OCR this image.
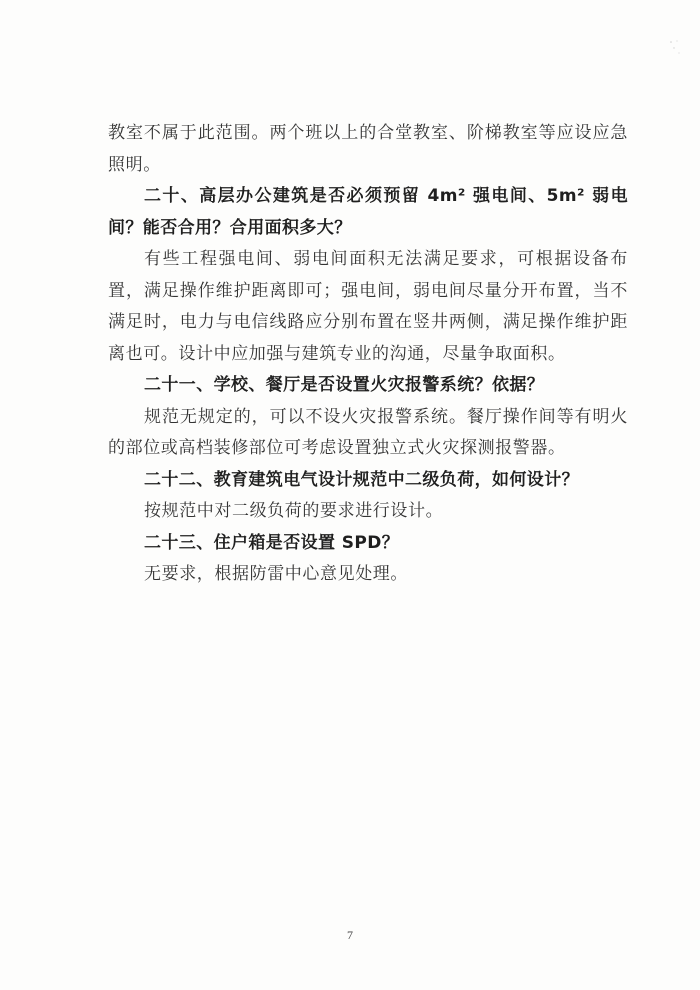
教室不属于此范围。两个班以上的合堂教室、阶梯教室等应设应急照明。

二十、高层办公建筑是否必须预留 4m² 强电间、5m² 弱电间？能否合用？合用面积多大？

有些工程强电间、弱电间面积无法满足要求，可根据设备布置，满足操作维护距离即可；强电间，弱电间尽量分开布置，当不满足时，电力与电信线路应分别布置在竖井两侧，满足操作维护距离也可。设计中应加强与建筑专业的沟通，尽量争取面积。

二十一、学校、餐厅是否设置火灾报警系统？依据？

规范无规定的，可以不设火灾报警系统。餐厅操作间等有明火的部位或高档装修部位可考虑设置独立式火灾探测报警器。

二十二、教育建筑电气设计规范中二级负荷，如何设计？

按规范中对二级负荷的要求进行设计。

二十三、住户箱是否设置 SPD？

无要求，根据防雷中心意见处理。

7
